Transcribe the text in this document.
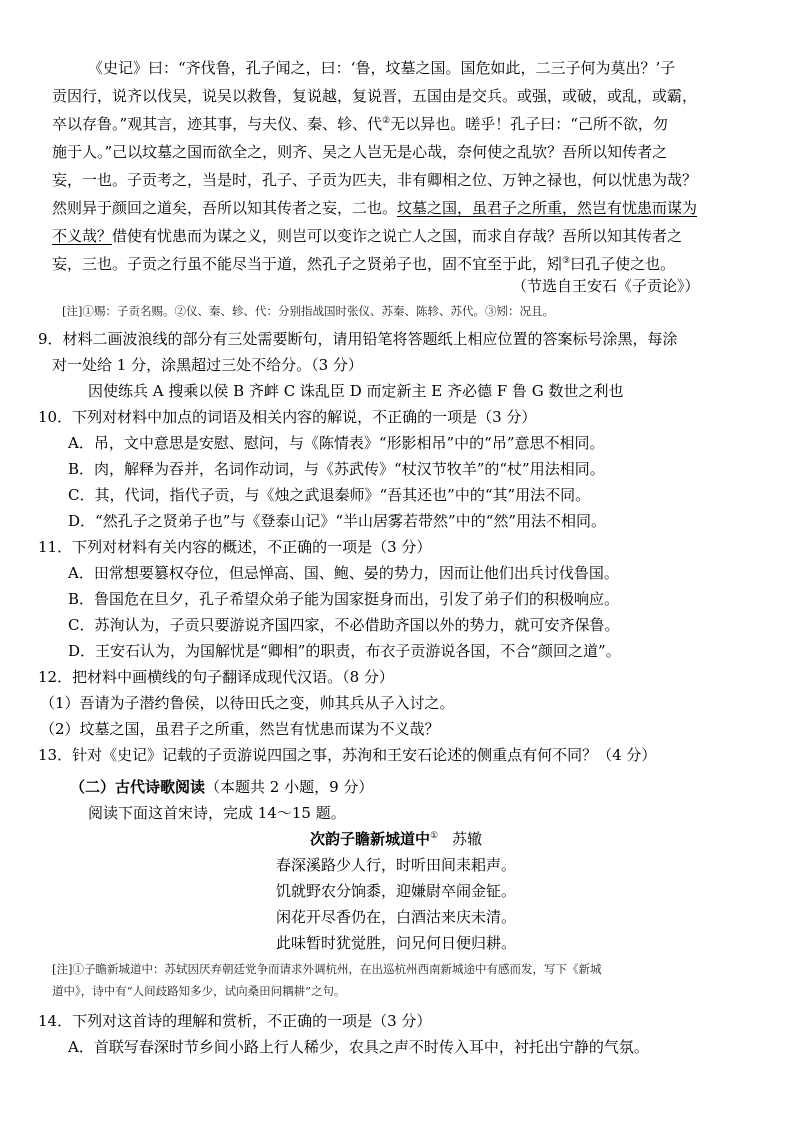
《史记》曰：“齐伐鲁，孔子闻之，曰：‘鲁，坟墓之国。国危如此，二三子何为莫出？’子
贡因行，说齐以伐吴，说吴以救鲁，复说越，复说晋，五国由是交兵。或强，或破，或乱，或霸，
卒以存鲁。”观其言，迹其事，与夫仪、秦、轸、代②无以异也。嗟乎！孔子曰：“己所不欲，勿
施于人。”己以坟墓之国而欲全之，则齐、吴之人岂无是心哉，奈何使之乱欤？吾所以知传者之
妄，一也。子贡考之，当是时，孔子、子贡为匹夫，非有卿相之位、万钟之禄也，何以忧患为哉？
然则异于颜回之道矣，吾所以知其传者之妄，二也。坟墓之国，虽君子之所重，然岂有忧患而谋为
不义哉？借使有忧患而为谋之义，则岂可以变诈之说亡人之国，而求自存哉？吾所以知其传者之
妄，三也。子贡之行虽不能尽当于道，然孔子之贤弟子也，固不宜至于此，矧③曰孔子使之也。
（节选自王安石《子贡论》）
[注]①赐：子贡名赐。②仪、秦、轸、代：分别指战国时张仪、苏秦、陈轸、苏代。③矧：况且。
9．材料二画波浪线的部分有三处需要断句，请用铅笔将答题纸上相应位置的答案标号涂黑，每涂
对一处给 1 分，涂黑超过三处不给分。（3 分）
因使练兵 A 搜乘以侯 B 齐衅 C 诛乱臣 D 而定新主 E 齐必德 F 鲁 G 数世之利也
10．下列对材料中加点的词语及相关内容的解说，不正确的一项是（3 分）
A．吊，文中意思是安慰、慰问，与《陈情表》“形影相吊”中的“吊”意思不相同。
B．肉，解释为吞并，名词作动词，与《苏武传》“杖汉节牧羊”的“杖”用法相同。
C．其，代词，指代子贡，与《烛之武退秦师》“吾其还也”中的“其”用法不同。
D．“然孔子之贤弟子也”与《登泰山记》“半山居雾若带然”中的“然”用法不相同。
11．下列对材料有关内容的概述，不正确的一项是（3 分）
A．田常想要篡权夺位，但忌惮高、国、鲍、晏的势力，因而让他们出兵讨伐鲁国。
B．鲁国危在旦夕，孔子希望众弟子能为国家挺身而出，引发了弟子们的积极响应。
C．苏洵认为，子贡只要游说齐国四家，不必借助齐国以外的势力，就可安齐保鲁。
D．王安石认为，为国解忧是“卿相”的职责，布衣子贡游说各国，不合“颜回之道”。
12．把材料中画横线的句子翻译成现代汉语。（8 分）
（1）吾请为子潜约鲁侯，以待田氏之变，帅其兵从子入讨之。
（2）坟墓之国，虽君子之所重，然岂有忧患而谋为不义哉？
13．针对《史记》记载的子贡游说四国之事，苏洵和王安石论述的侧重点有何不同？（4 分）
（二）古代诗歌阅读（本题共 2 小题，9 分）
阅读下面这首宋诗，完成 14～15 题。
次韵子瞻新城道中① 苏辙
春深溪路少人行，时听田间耒耜声。
饥就野农分饷黍，迎嫌尉卒闹金钲。
闲花开尽香仍在，白酒沽来庆未清。
此味暂时犹觉胜，问兄何日便归耕。
[注]①子瞻新城道中：苏轼因厌弃朝廷党争而请求外调杭州，在出巡杭州西南新城途中有感而发，写下《新城
道中》，诗中有“人间歧路知多少，试向桑田问耦耕”之句。
14．下列对这首诗的理解和赏析，不正确的一项是（3 分）
A．首联写春深时节乡间小路上行人稀少，农具之声不时传入耳中，衬托出宁静的气氛。
